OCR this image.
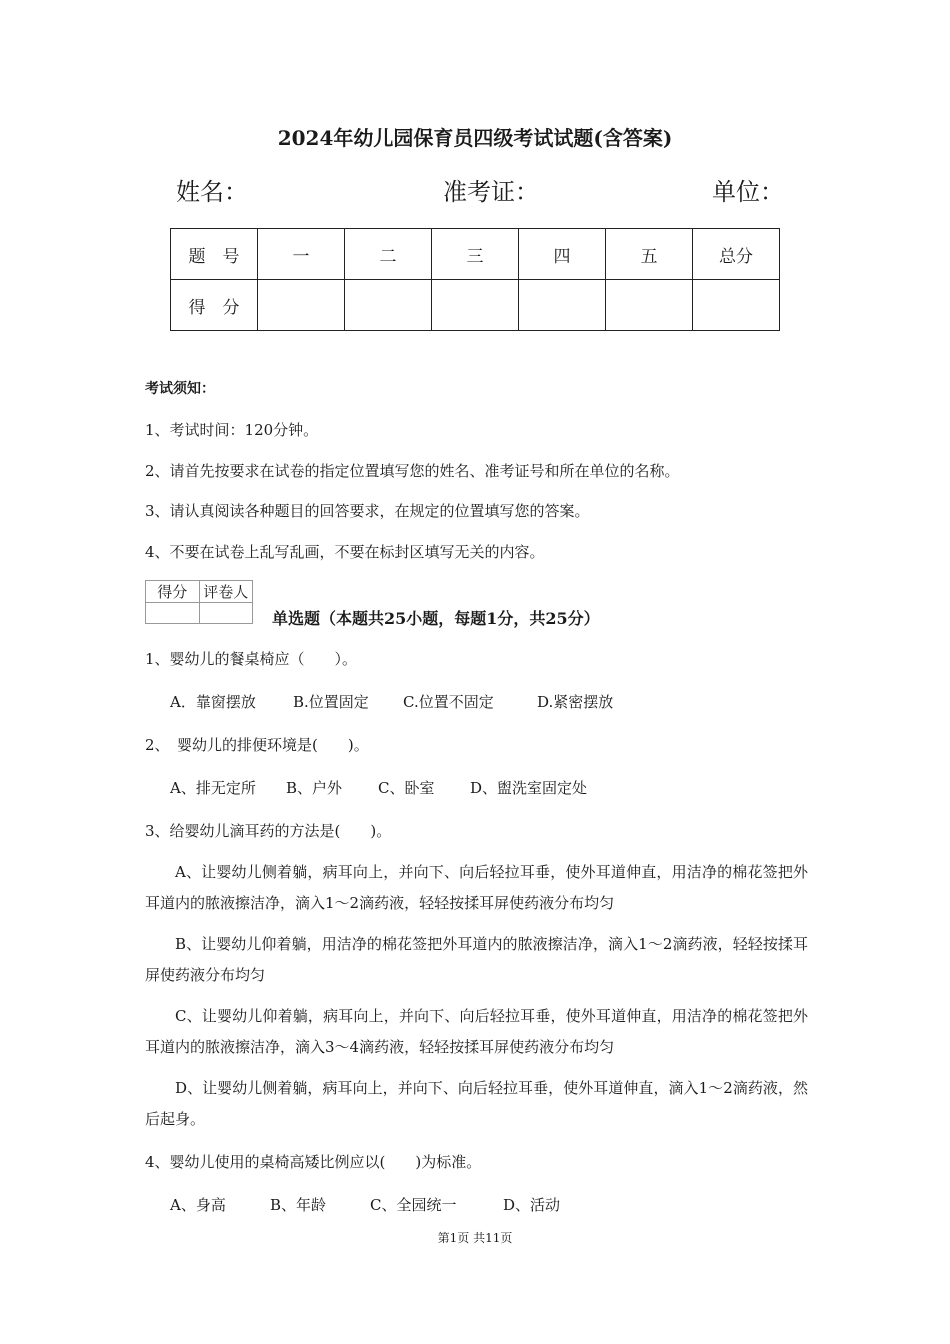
2024年幼儿园保育员四级考试试题(含答案)
姓名：	准考证：	单位：
题　号	一	二	三	四	五	总分
得　分						
考试须知：
1、考试时间：120分钟。
2、请首先按要求在试卷的指定位置填写您的姓名、准考证号和所在单位的名称。
3、请认真阅读各种题目的回答要求，在规定的位置填写您的答案。
4、不要在试卷上乱写乱画，不要在标封区填写无关的内容。
得分	评卷人

单选题（本题共25小题，每题1分，共25分）
1、婴幼儿的餐桌椅应（　　）。
A．靠窗摆放 B.位置固定 C.位置不固定	D.紧密摆放
2、　婴幼儿的排便环境是(　　)。
A、排无定所 B、户外 C、卧室 D、盥洗室固定处
3、给婴幼儿滴耳药的方法是(　　)。
A、让婴幼儿侧着躺，病耳向上，并向下、向后轻拉耳垂，使外耳道伸直，用洁净的棉花签把外耳道内的脓液擦洁净，滴入1～2滴药液，轻轻按揉耳屏使药液分布均匀
B、让婴幼儿仰着躺，用洁净的棉花签把外耳道内的脓液擦洁净，滴入1～2滴药液，轻轻按揉耳屏使药液分布均匀
C、让婴幼儿仰着躺，病耳向上，并向下、向后轻拉耳垂，使外耳道伸直，用洁净的棉花签把外耳道内的脓液擦洁净，滴入3～4滴药液，轻轻按揉耳屏使药液分布均匀
D、让婴幼儿侧着躺，病耳向上，并向下、向后轻拉耳垂，使外耳道伸直，滴入1～2滴药液，然后起身。
4、婴幼儿使用的桌椅高矮比例应以(　　)为标准。
A、身高	B、年龄	C、全园统一	D、活动
第1页 共11页
